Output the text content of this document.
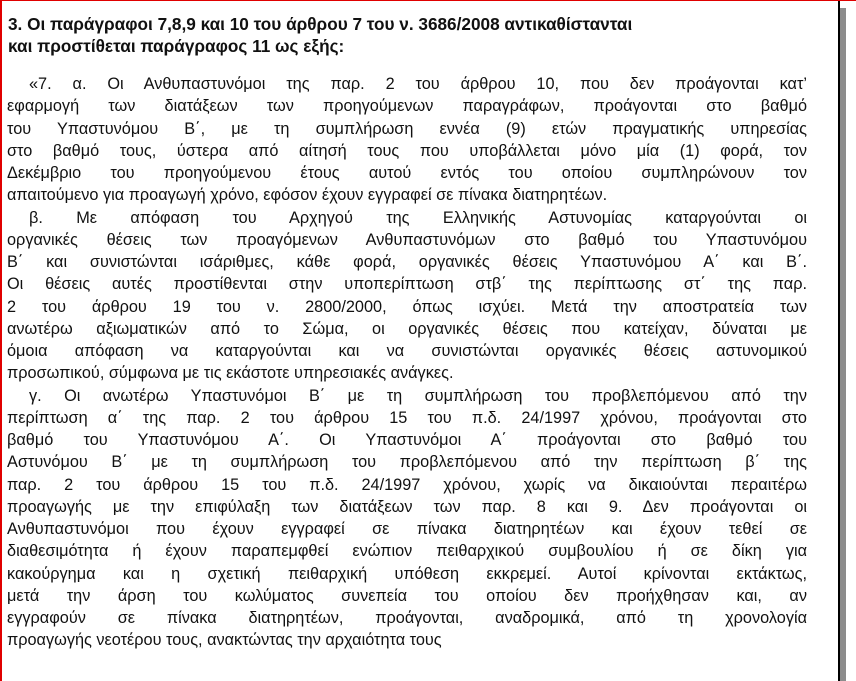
3. Οι παράγραφοι 7,8,9 και 10 του άρθρου 7 του ν. 3686/2008 αντικαθίστανται
και προστίθεται παράγραφος 11 ως εξής:
«7. α. Οι Ανθυπαστυνόμοι της παρ. 2 του άρθρου 10, που δεν προάγονται κατ’
εφαρμογή των διατάξεων των προηγούμενων παραγράφων, προάγονται στο βαθμό
του Υπαστυνόμου Β΄, με τη συμπλήρωση εννέα (9) ετών πραγματικής υπηρεσίας
στο βαθμό τους, ύστερα από αίτησή τους που υποβάλλεται μόνο μία (1) φορά, τον
Δεκέμβριο του προηγούμενου έτους αυτού εντός του οποίου συμπληρώνουν τον
απαιτούμενο για προαγωγή χρόνο, εφόσον έχουν εγγραφεί σε πίνακα διατηρητέων.
β. Με απόφαση του Αρχηγού της Ελληνικής Αστυνομίας καταργούνται οι
οργανικές θέσεις των προαγόμενων Ανθυπαστυνόμων στο βαθμό του Υπαστυνόμου
Β΄ και συνιστώνται ισάριθμες, κάθε φορά, οργανικές θέσεις Υπαστυνόμου Α΄ και Β΄.
Οι θέσεις αυτές προστίθενται στην υποπερίπτωση στβ΄ της περίπτωσης στ΄ της παρ.
2 του άρθρου 19 του ν. 2800/2000, όπως ισχύει. Μετά την αποστρατεία των
ανωτέρω αξιωματικών από το Σώμα, οι οργανικές θέσεις που κατείχαν, δύναται με
όμοια απόφαση να καταργούνται και να συνιστώνται οργανικές θέσεις αστυνομικού
προσωπικού, σύμφωνα με τις εκάστοτε υπηρεσιακές ανάγκες.
γ. Οι ανωτέρω Υπαστυνόμοι Β΄ με τη συμπλήρωση του προβλεπόμενου από την
περίπτωση α΄ της παρ. 2 του άρθρου 15 του π.δ. 24/1997 χρόνου, προάγονται στο
βαθμό του Υπαστυνόμου Α΄. Οι Υπαστυνόμοι Α΄ προάγονται στο βαθμό του
Αστυνόμου Β΄ με τη συμπλήρωση του προβλεπόμενου από την περίπτωση β΄ της
παρ. 2 του άρθρου 15 του π.δ. 24/1997 χρόνου, χωρίς να δικαιούνται περαιτέρω
προαγωγής με την επιφύλαξη των διατάξεων των παρ. 8 και 9. Δεν προάγονται οι
Ανθυπαστυνόμοι που έχουν εγγραφεί σε πίνακα διατηρητέων και έχουν τεθεί σε
διαθεσιμότητα ή έχουν παραπεμφθεί ενώπιον πειθαρχικού συμβουλίου ή σε δίκη για
κακούργημα και η σχετική πειθαρχική υπόθεση εκκρεμεί. Αυτοί κρίνονται εκτάκτως,
μετά την άρση του κωλύματος συνεπεία του οποίου δεν προήχθησαν και, αν
εγγραφούν σε πίνακα διατηρητέων, προάγονται, αναδρομικά, από τη χρονολογία
προαγωγής νεοτέρου τους, ανακτώντας την αρχαιότητα τους
